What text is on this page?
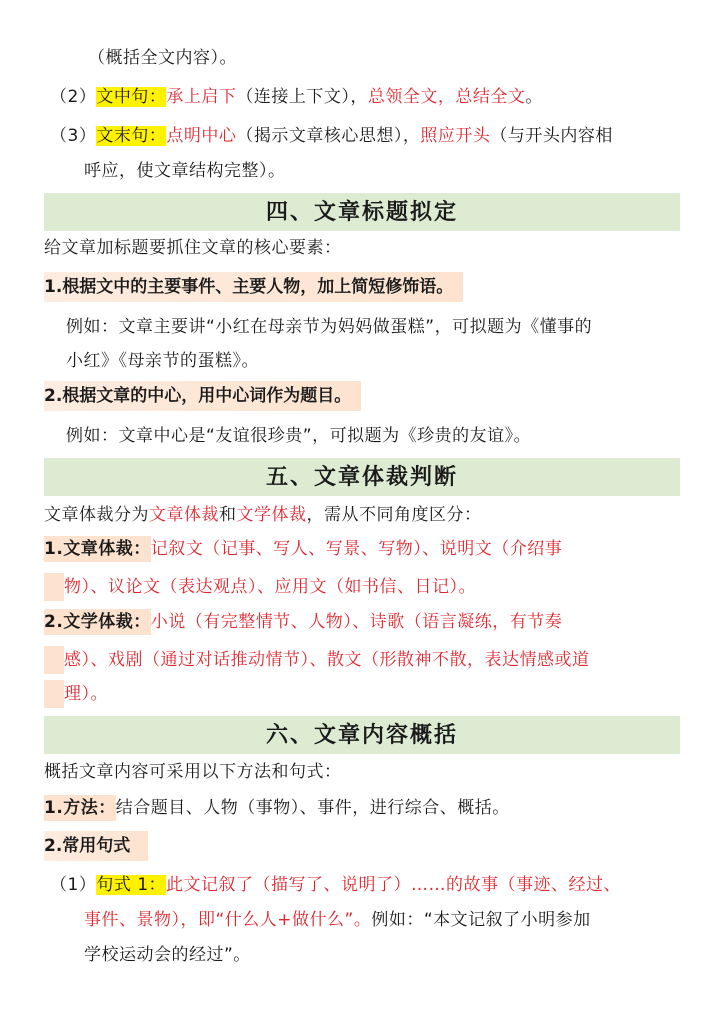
（概括全文内容）。
（2）文中句：承上启下（连接上下文），总领全文，总结全文。
（3）文末句：点明中心（揭示文章核心思想），照应开头（与开头内容相
呼应，使文章结构完整）。
四、文章标题拟定
给文章加标题要抓住文章的核心要素：
1.根据文中的主要事件、主要人物，加上简短修饰语。
例如：文章主要讲“小红在母亲节为妈妈做蛋糕”，可拟题为《懂事的
小红》《母亲节的蛋糕》。
2.根据文章的中心，用中心词作为题目。
例如：文章中心是“友谊很珍贵”，可拟题为《珍贵的友谊》。
五、文章体裁判断
文章体裁分为文章体裁和文学体裁，需从不同角度区分：
1.文章体裁：记叙文（记事、写人、写景、写物）、说明文（介绍事
物）、议论文（表达观点）、应用文（如书信、日记）。
2.文学体裁：小说（有完整情节、人物）、诗歌（语言凝练，有节奏
感）、戏剧（通过对话推动情节）、散文（形散神不散，表达情感或道
理）。
六、文章内容概括
概括文章内容可采用以下方法和句式：
1.方法：结合题目、人物（事物）、事件，进行综合、概括。
2.常用句式
（1）句式 1：此文记叙了（描写了、说明了）……的故事（事迹、经过、
事件、景物），即“什么人+做什么”。例如：“本文记叙了小明参加
学校运动会的经过”。
